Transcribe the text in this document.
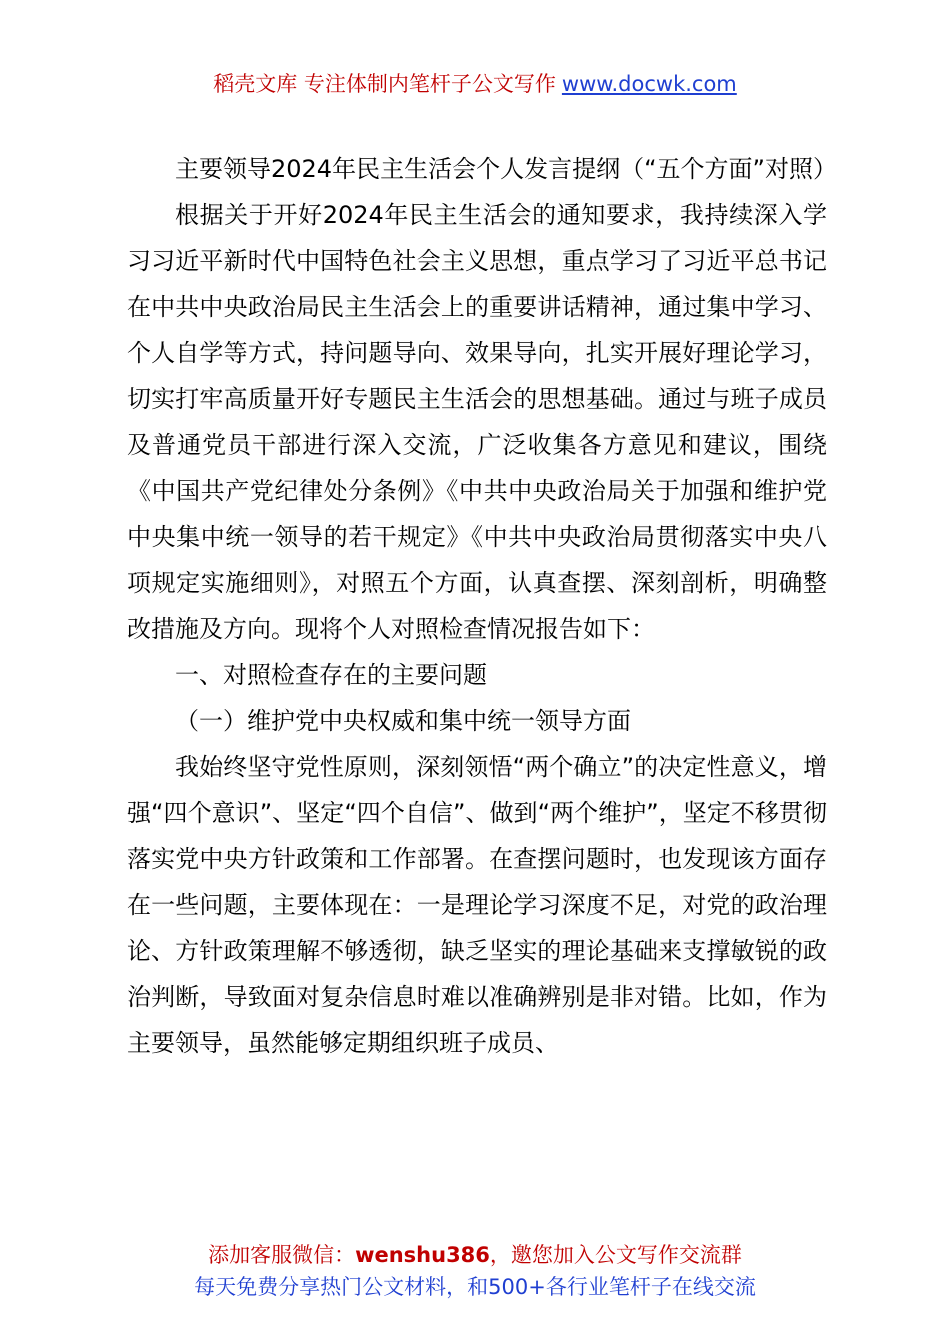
稻壳文库 专注体制内笔杆子公文写作 www.docwk.com

主要领导2024年民主生活会个人发言提纲（“五个方面”对照）

根据关于开好2024年民主生活会的通知要求，我持续深入学习习近平新时代中国特色社会主义思想，重点学习了习近平总书记在中共中央政治局民主生活会上的重要讲话精神，通过集中学习、个人自学等方式，持问题导向、效果导向，扎实开展好理论学习，切实打牢高质量开好专题民主生活会的思想基础。通过与班子成员及普通党员干部进行深入交流，广泛收集各方意见和建议，围绕《中国共产党纪律处分条例》《中共中央政治局关于加强和维护党中央集中统一领导的若干规定》《中共中央政治局贯彻落实中央八项规定实施细则》，对照五个方面，认真查摆、深刻剖析，明确整改措施及方向。现将个人对照检查情况报告如下：

一、对照检查存在的主要问题

（一）维护党中央权威和集中统一领导方面

我始终坚守党性原则，深刻领悟“两个确立”的决定性意义，增强“四个意识”、坚定“四个自信”、做到“两个维护”，坚定不移贯彻落实党中央方针政策和工作部署。在查摆问题时，也发现该方面存在一些问题，主要体现在：一是理论学习深度不足，对党的政治理论、方针政策理解不够透彻，缺乏坚实的理论基础来支撑敏锐的政治判断，导致面对复杂信息时难以准确辨别是非对错。比如，作为主要领导，虽然能够定期组织班子成员、

添加客服微信：wenshu386，邀您加入公文写作交流群
每天免费分享热门公文材料，和500+各行业笔杆子在线交流
